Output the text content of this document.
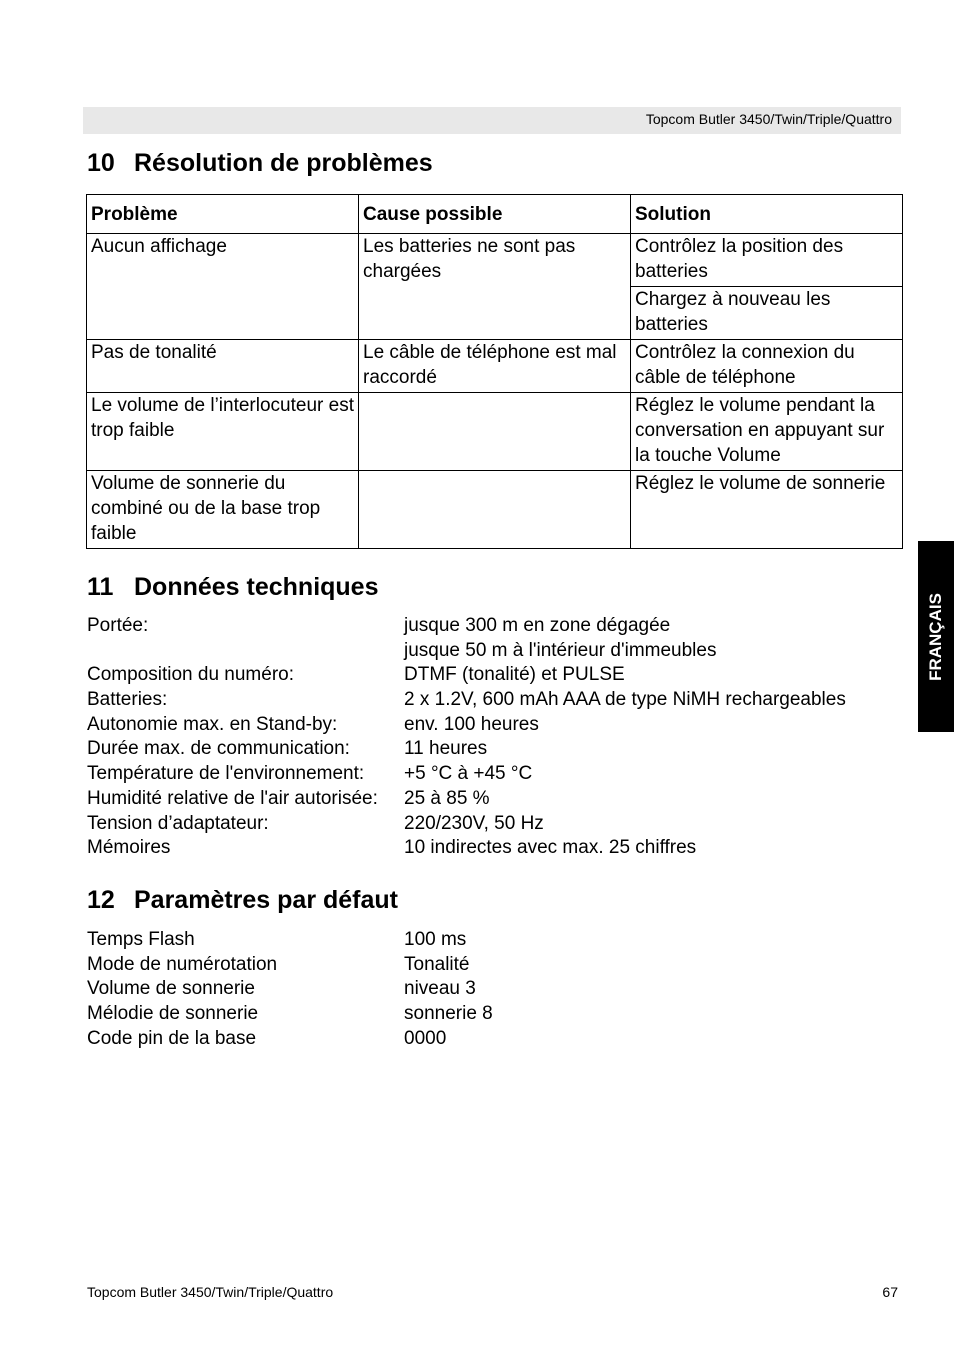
Topcom Butler 3450/Twin/Triple/Quattro
FRANÇAIS
10 Résolution de problèmes
Problème	Cause possible	Solution
Aucun affichage	Les batteries ne sont pas chargées	Contrôlez la position des batteries
		Chargez à nouveau les batteries
Pas de tonalité	Le câble de téléphone est mal raccordé	Contrôlez la connexion du câble de téléphone
Le volume de l’interlocuteur est trop faible		Réglez le volume pendant la conversation en appuyant sur la touche Volume
Volume de sonnerie du combiné ou de la base trop faible		Réglez le volume de sonnerie
11 Données techniques
Portée:	jusque 300 m en zone dégagée
jusque 50 m à l'intérieur d'immeubles
Composition du numéro:	DTMF (tonalité) et PULSE
Batteries:	2 x 1.2V, 600 mAh AAA de type NiMH rechargeables
Autonomie max. en Stand-by:	env. 100 heures
Durée max. de communication:	11 heures
Température de l'environnement: +5 °C à +45 °C
Humidité relative de l'air autorisée: 25 à 85 %
Tension d’adaptateur:	220/230V, 50 Hz
Mémoires	10 indirectes avec max. 25 chiffres
12 Paramètres par défaut
Temps Flash	100 ms
Mode de numérotation	Tonalité
Volume de sonnerie	niveau 3
Mélodie de sonnerie	sonnerie 8
Code pin de la base	0000
Topcom Butler 3450/Twin/Triple/Quattro	67
